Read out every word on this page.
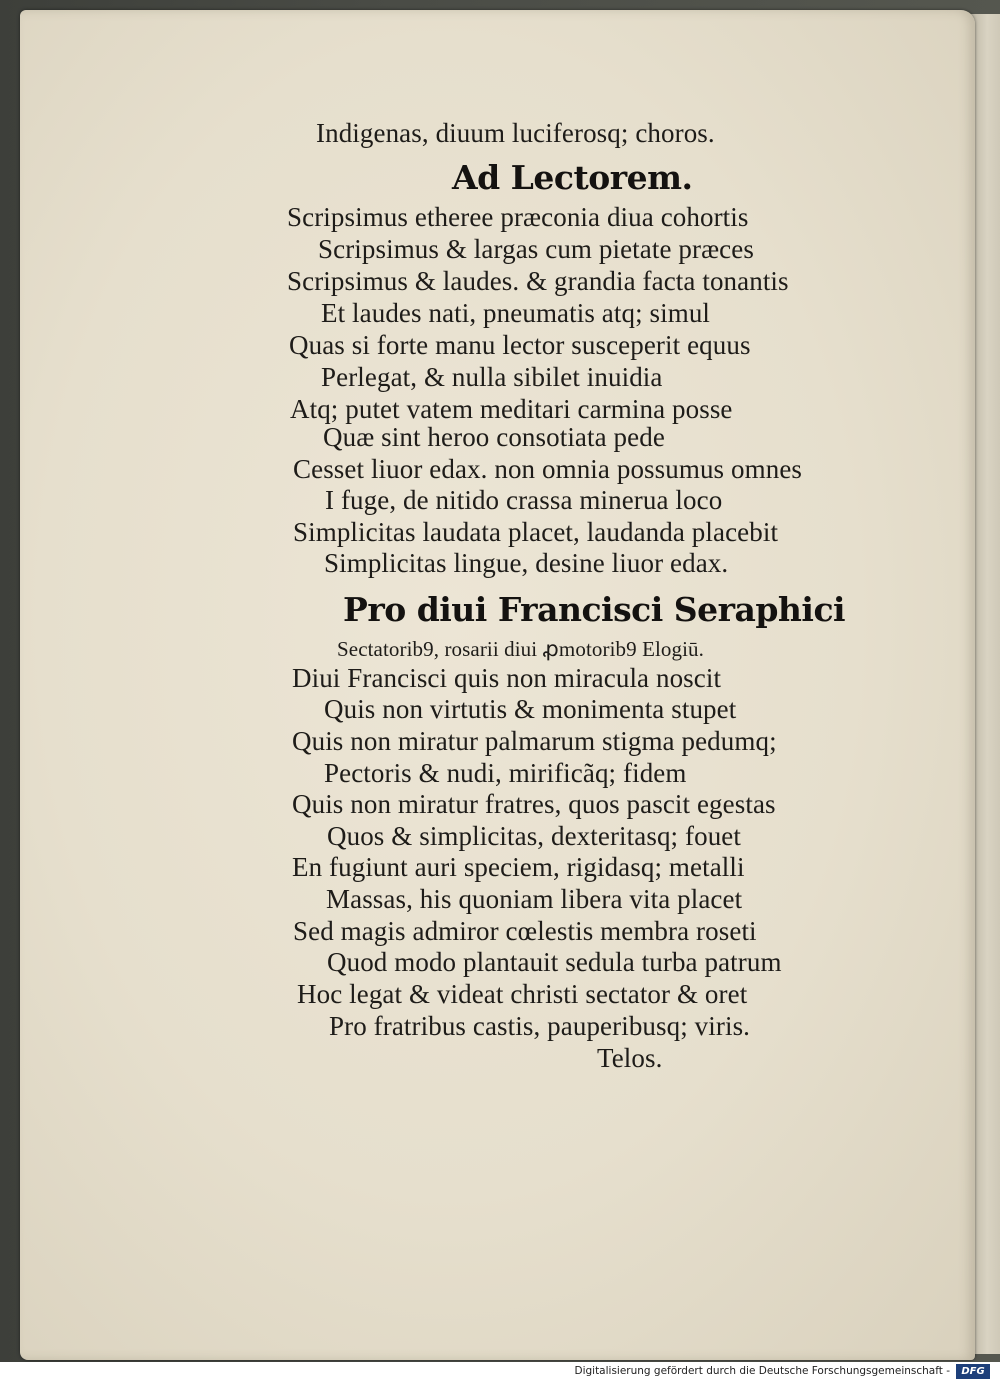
Indigenas, diuum luciferosq; choros.
Ad Lectorem.
Scripsimus etheree præconia diua cohortis
Scripsimus & largas cum pietate præces
Scripsimus & laudes. & grandia facta tonantis
Et laudes nati, pneumatis atq; simul
Quas si forte manu lector susceperit equus
Perlegat, & nulla sibilet inuidia
Atq; putet vatem meditari carmina posse
Quæ sint heroo consotiata pede
Cesset liuor edax. non omnia possumus omnes
I fuge, de nitido crassa minerua loco
Simplicitas laudata placet, laudanda placebit
Simplicitas lingue, desine liuor edax.
Pro diui Francisci Seraphici
Sectatorib9, rosarii diui ꝓmotorib9 Elogiū.
Diui Francisci quis non miracula noscit
Quis non virtutis & monimenta stupet
Quis non miratur palmarum stigma pedumq;
Pectoris & nudi, mirificãq; fidem
Quis non miratur fratres, quos pascit egestas
Quos & simplicitas, dexteritasq; fouet
En fugiunt auri speciem, rigidasq; metalli
Massas, his quoniam libera vita placet
Sed magis admiror cœlestis membra roseti
Quod modo plantauit sedula turba patrum
Hoc legat & videat christi sectator & oret
Pro fratribus castis, pauperibusq; viris.
Telos.
Digitalisierung gefördert durch die Deutsche Forschungsgemeinschaft -	DFG
